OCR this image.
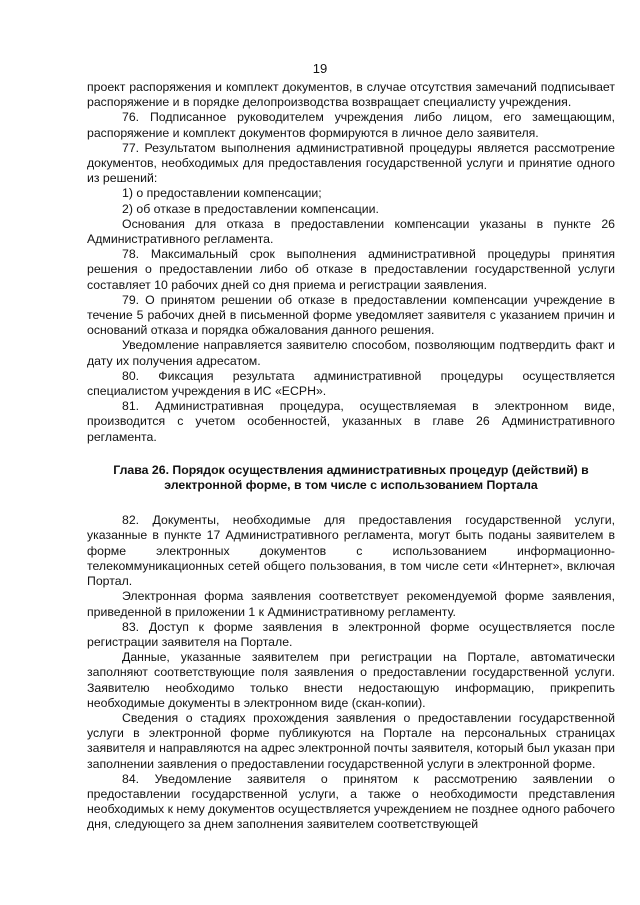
19

проект распоряжения и комплект документов, в случае отсутствия замечаний подписывает распоряжение и в порядке делопроизводства возвращает специалисту учреждения.

76. Подписанное руководителем учреждения либо лицом, его замещающим, распоряжение и комплект документов формируются в личное дело заявителя.

77. Результатом выполнения административной процедуры является рассмотрение документов, необходимых для предоставления государственной услуги и принятие одного из решений:

1) о предоставлении компенсации;

2) об отказе в предоставлении компенсации.

Основания для отказа в предоставлении компенсации указаны в пункте 26 Административного регламента.

78. Максимальный срок выполнения административной процедуры принятия решения о предоставлении либо об отказе в предоставлении государственной услуги составляет 10 рабочих дней со дня приема и регистрации заявления.

79. О принятом решении об отказе в предоставлении компенсации учреждение в течение 5 рабочих дней в письменной форме уведомляет заявителя с указанием причин и оснований отказа и порядка обжалования данного решения.

Уведомление направляется заявителю способом, позволяющим подтвердить факт и дату их получения адресатом.

80. Фиксация результата административной процедуры осуществляется специалистом учреждения в ИС «ЕСРН».

81. Административная процедура, осуществляемая в электронном виде, производится с учетом особенностей, указанных в главе 26 Административного регламента.

Глава 26. Порядок осуществления административных процедур (действий) в электронной форме, в том числе с использованием Портала

82. Документы, необходимые для предоставления государственной услуги, указанные в пункте 17 Административного регламента, могут быть поданы заявителем в форме электронных документов с использованием информационно-телекоммуникационных сетей общего пользования, в том числе сети «Интернет», включая Портал.

Электронная форма заявления соответствует рекомендуемой форме заявления, приведенной в приложении 1 к Административному регламенту.

83. Доступ к форме заявления в электронной форме осуществляется после регистрации заявителя на Портале.

Данные, указанные заявителем при регистрации на Портале, автоматически заполняют соответствующие поля заявления о предоставлении государственной услуги. Заявителю необходимо только внести недостающую информацию, прикрепить необходимые документы в электронном виде (скан-копии).

Сведения о стадиях прохождения заявления о предоставлении государственной услуги в электронной форме публикуются на Портале на персональных страницах заявителя и направляются на адрес электронной почты заявителя, который был указан при заполнении заявления о предоставлении государственной услуги в электронной форме.

84. Уведомление заявителя о принятом к рассмотрению заявлении о предоставлении государственной услуги, а также о необходимости представления необходимых к нему документов осуществляется учреждением не позднее одного рабочего дня, следующего за днем заполнения заявителем соответствующей
